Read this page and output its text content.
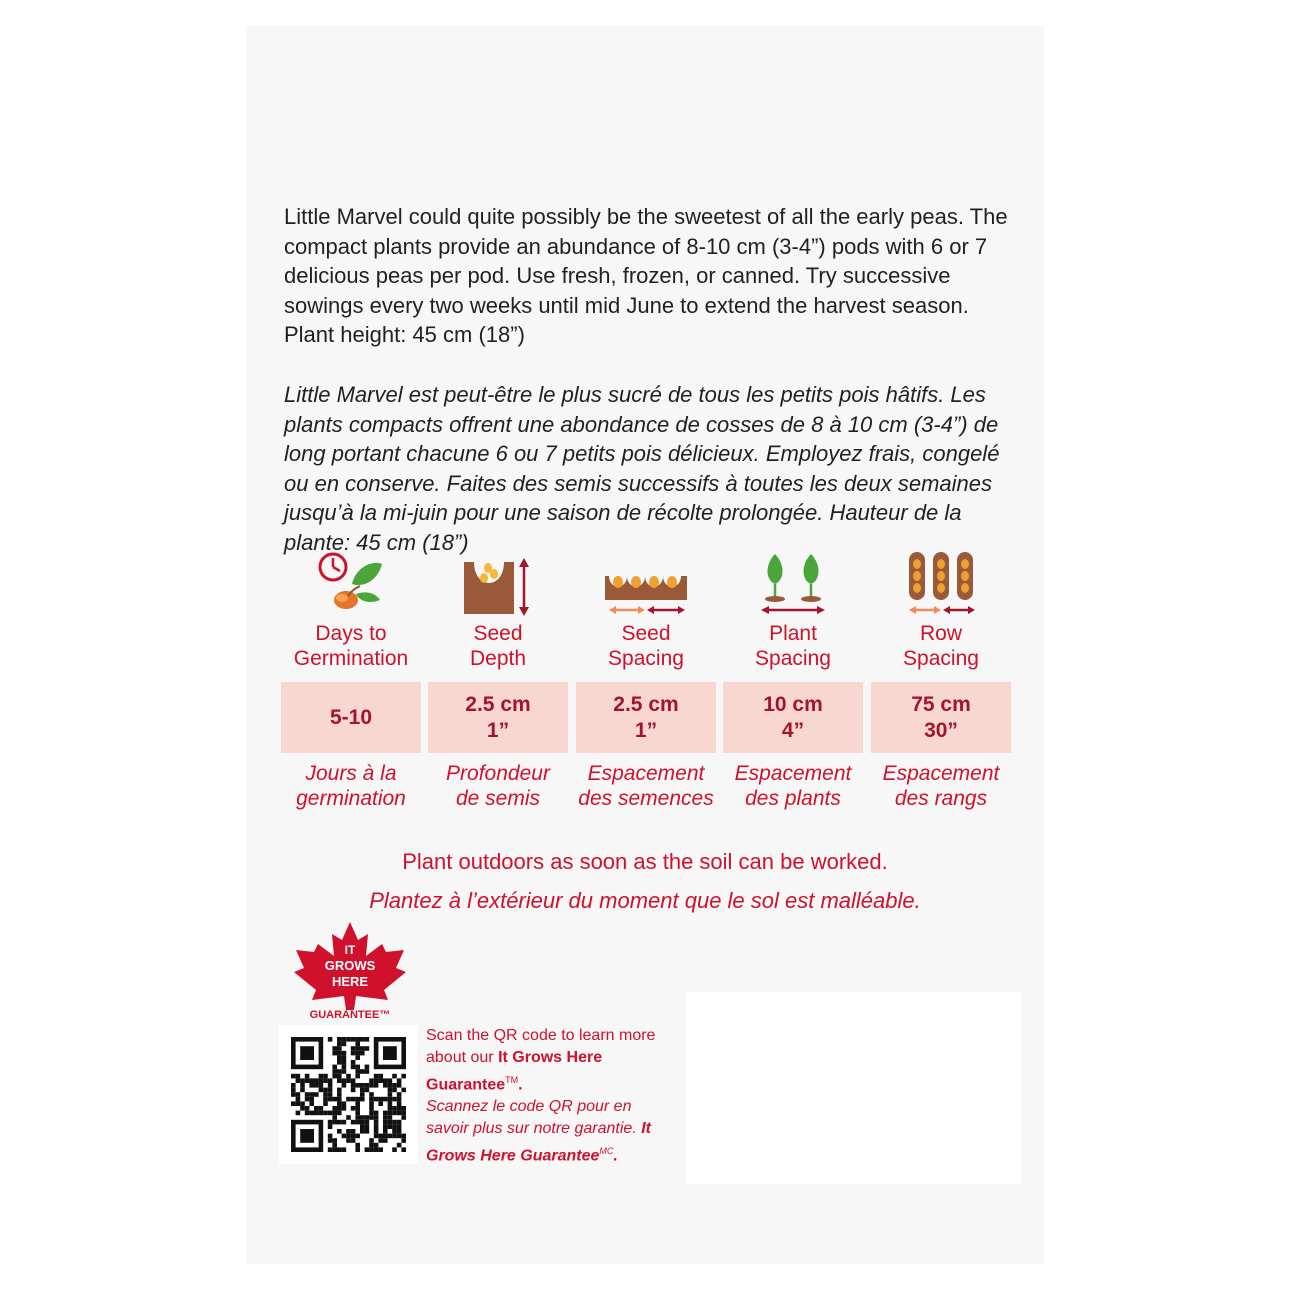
Little Marvel could quite possibly be the sweetest of all the early peas. The compact plants provide an abundance of 8-10 cm (3-4”) pods with 6 or 7 delicious peas per pod. Use fresh, frozen, or canned. Try successive sowings every two weeks until mid June to extend the harvest season. Plant height: 45 cm (18”)

Little Marvel est peut-être le plus sucré de tous les petits pois hâtifs. Les plants compacts offrent une abondance de cosses de 8 à 10 cm (3-4”) de long portant chacune 6 ou 7 petits pois délicieux. Employez frais, congelé ou en conserve. Faites des semis successifs à toutes les deux semaines jusqu’à la mi-juin pour une saison de récolte prolongée. Hauteur de la plante: 45 cm (18”)

Days to
Germination
5-10
Jours à la
germination
Seed
Depth
2.5 cm
1”
Profondeur
de semis
Seed
Spacing
2.5 cm
1”
Espacement
des semences
Plant
Spacing
10 cm
4”
Espacement
des plants
Row
Spacing
75 cm
30”
Espacement
des rangs
Plant outdoors as soon as the soil can be worked.
Plantez à l’extérieur du moment que le sol est malléable.
IT
GROWS
HERE
GUARANTEE™
Scan the QR code to learn more about our It Grows Here Guarantee™.
Scannez le code QR pour en savoir plus sur notre garantie. It Grows Here Guarantee$^{MC}$.
